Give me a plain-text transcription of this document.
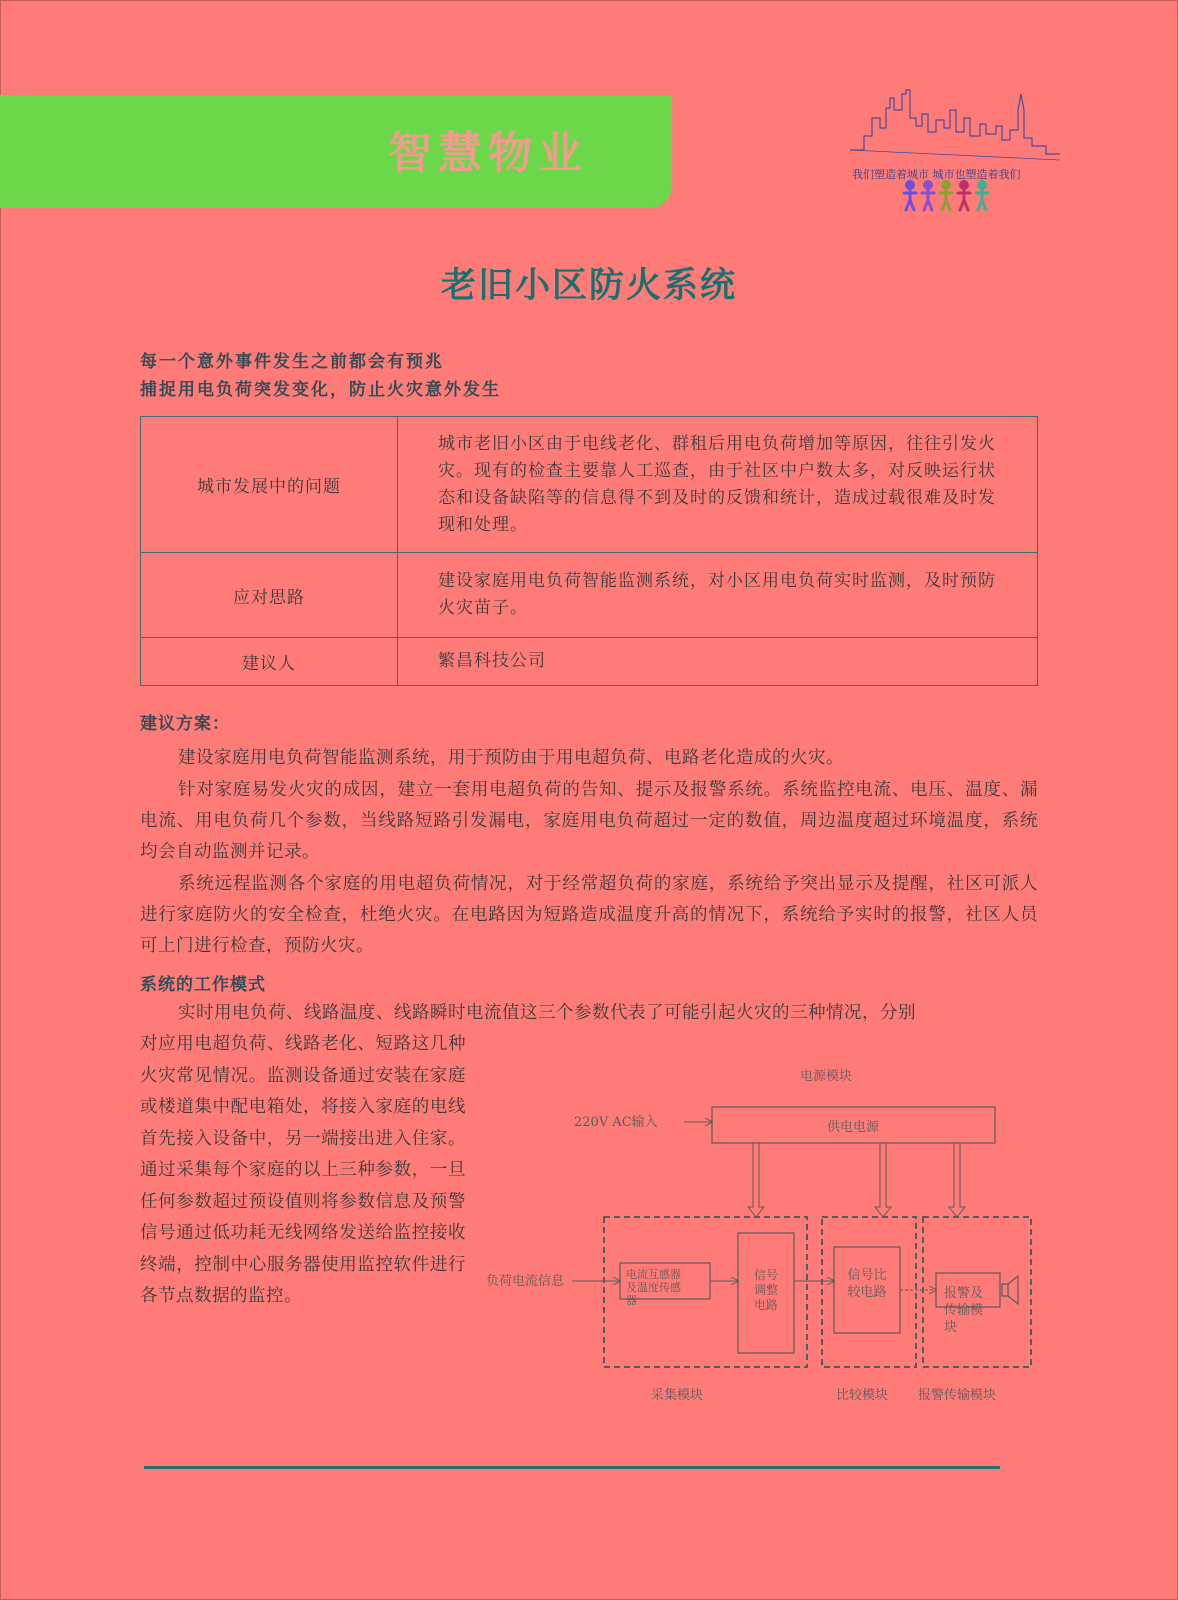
智慧物业	我们塑造着城市 城市也塑造着我们
老旧小区防火系统
每一个意外事件发生之前都会有预兆
捕捉用电负荷突发变化，防止火灾意外发生
城市发展中的问题	城市老旧小区由于电线老化、群租后用电负荷增加等原因，往往引发火灾。现有的检查主要靠人工巡查，由于社区中户数太多，对反映运行状态和设备缺陷等的信息得不到及时的反馈和统计，造成过载很难及时发现和处理。
应对思路	建设家庭用电负荷智能监测系统，对小区用电负荷实时监测，及时预防火灾苗子。
建议人	繁昌科技公司
建议方案：
建设家庭用电负荷智能监测系统，用于预防由于用电超负荷、电路老化造成的火灾。
针对家庭易发火灾的成因，建立一套用电超负荷的告知、提示及报警系统。系统监控电流、电压、温度、漏电流、用电负荷几个参数，当线路短路引发漏电，家庭用电负荷超过一定的数值，周边温度超过环境温度，系统均会自动监测并记录。
系统远程监测各个家庭的用电超负荷情况，对于经常超负荷的家庭，系统给予突出显示及提醒，社区可派人进行家庭防火的安全检查，杜绝火灾。在电路因为短路造成温度升高的情况下，系统给予实时的报警，社区人员可上门进行检查，预防火灾。
系统的工作模式
实时用电负荷、线路温度、线路瞬时电流值这三个参数代表了可能引起火灾的三种情况，分别
对应用电超负荷、线路老化、短路这几种火灾常见情况。监测设备通过安装在家庭或楼道集中配电箱处，将接入家庭的电线首先接入设备中，另一端接出进入住家。通过采集每个家庭的以上三种参数，一旦任何参数超过预设值则将参数信息及预警信号通过低功耗无线网络发送给监控接收终端，控制中心服务器使用监控软件进行各节点数据的监控。
电源模块
220V AC输入	供电电源
负荷电流信息	电流互感器
及温度传感
器
信号
调整
电路
信号比
较电路	报警及
传输模
块
采集模块	比较模块 报警传输模块
